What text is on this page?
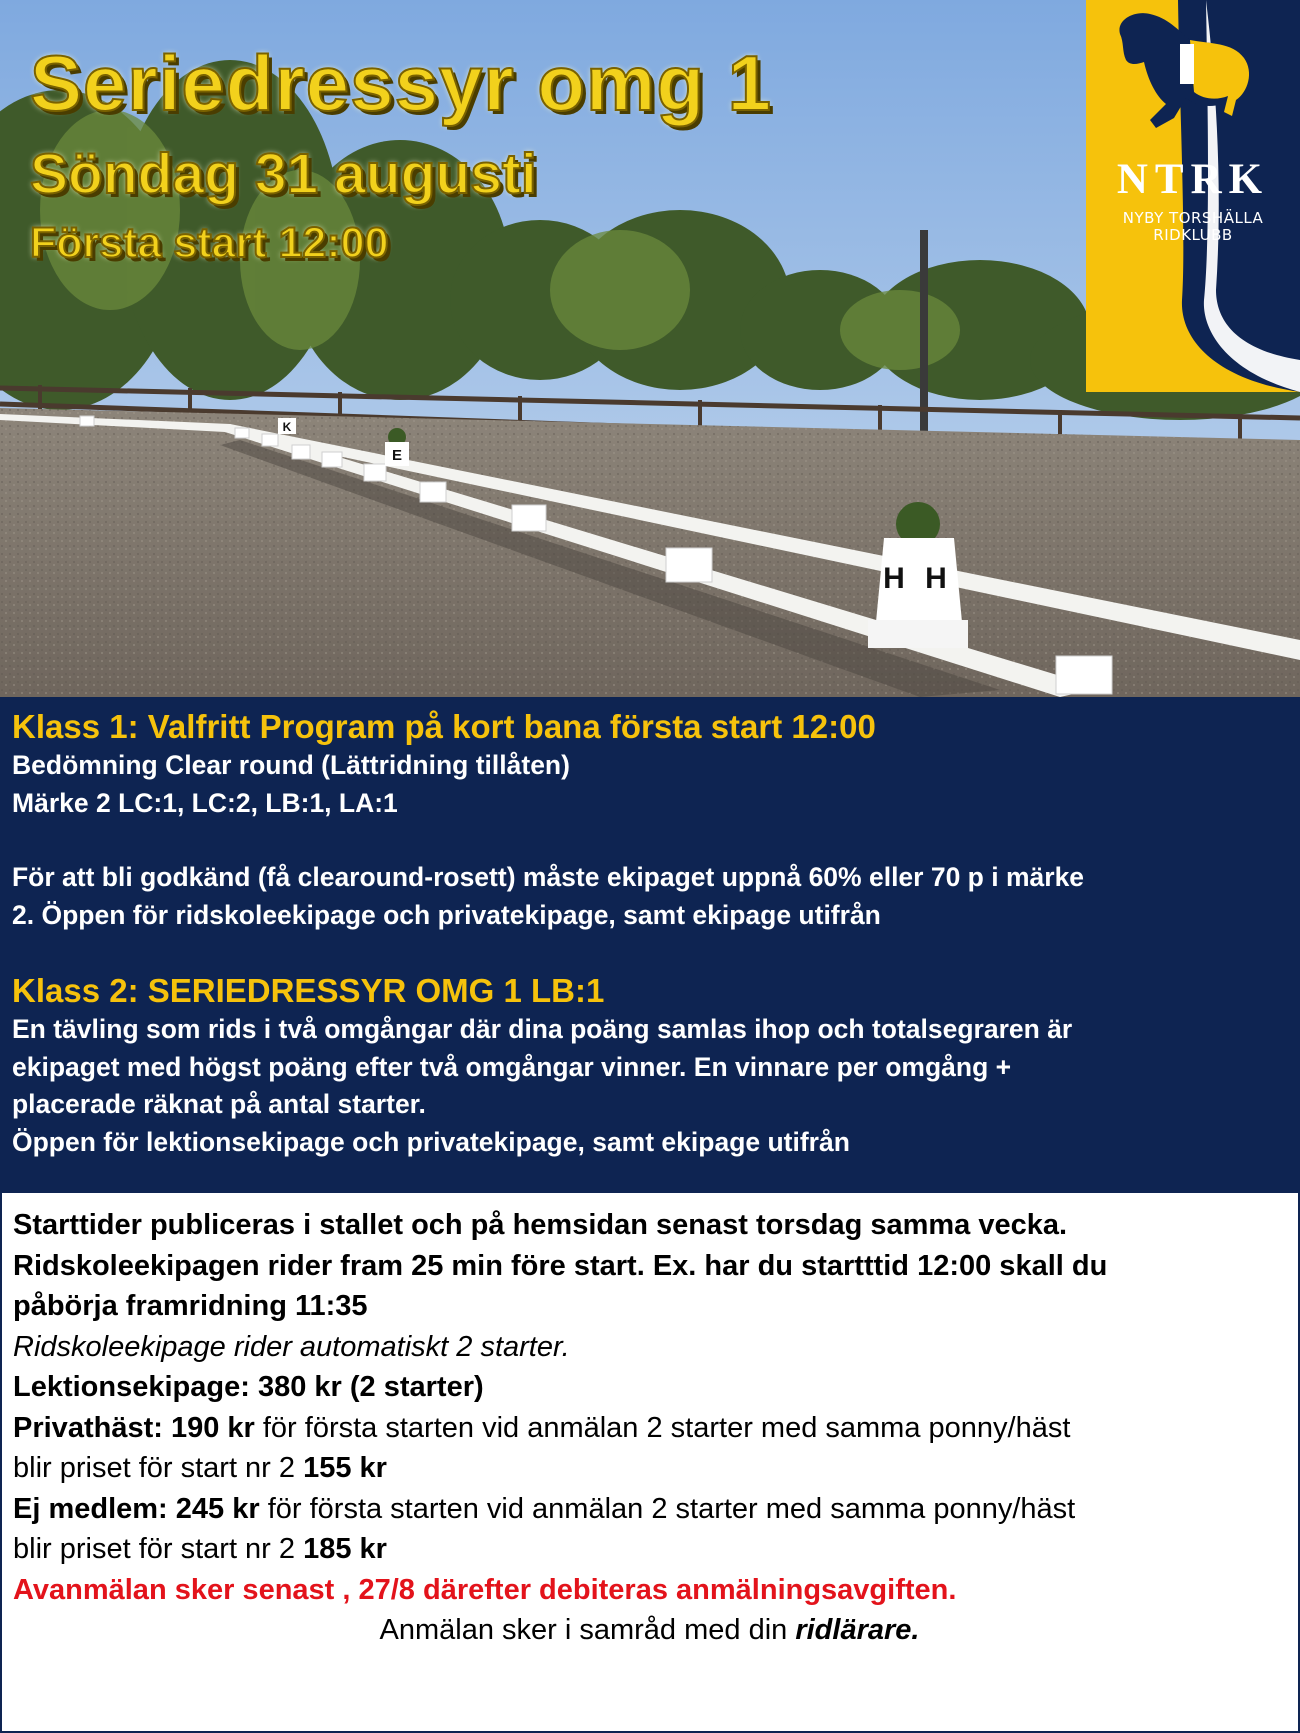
K
E
H H
Seriedressyr omg 1
Söndag 31 augusti
Första start 12:00
NTRK
NYBY TORSHÄLLA
RIDKLUBB
Klass 1: Valfritt Program på kort bana första start 12:00

Bedömning Clear round (Lättridning tillåten)

Märke 2 LC:1, LC:2, LB:1, LA:1

För att bli godkänd (få clearound-rosett) måste ekipaget uppnå 60% eller 70 p i märke

2. Öppen för ridskoleekipage och privatekipage, samt ekipage utifrån

Klass 2: SERIEDRESSYR OMG 1 LB:1

En tävling som rids i två omgångar där dina poäng samlas ihop och totalsegraren är

ekipaget med högst poäng efter två omgångar vinner. En vinnare per omgång +

placerade räknat på antal starter.

Öppen för lektionsekipage och privatekipage, samt ekipage utifrån

Starttider publiceras i stallet och på hemsidan senast torsdag samma vecka.

Ridskoleekipagen rider fram 25 min före start. Ex. har du startttid 12:00 skall du

påbörja framridning 11:35

Ridskoleekipage rider automatiskt 2 starter.

Lektionsekipage: 380 kr (2 starter)

Privathäst: 190 kr för första starten vid anmälan 2 starter med samma ponny/häst

blir priset för start nr 2 155 kr

Ej medlem: 245 kr för första starten vid anmälan 2 starter med samma ponny/häst

blir priset för start nr 2 185 kr

Avanmälan sker senast , 27/8 därefter debiteras anmälningsavgiften.

Anmälan sker i samråd med din ridlärare.
